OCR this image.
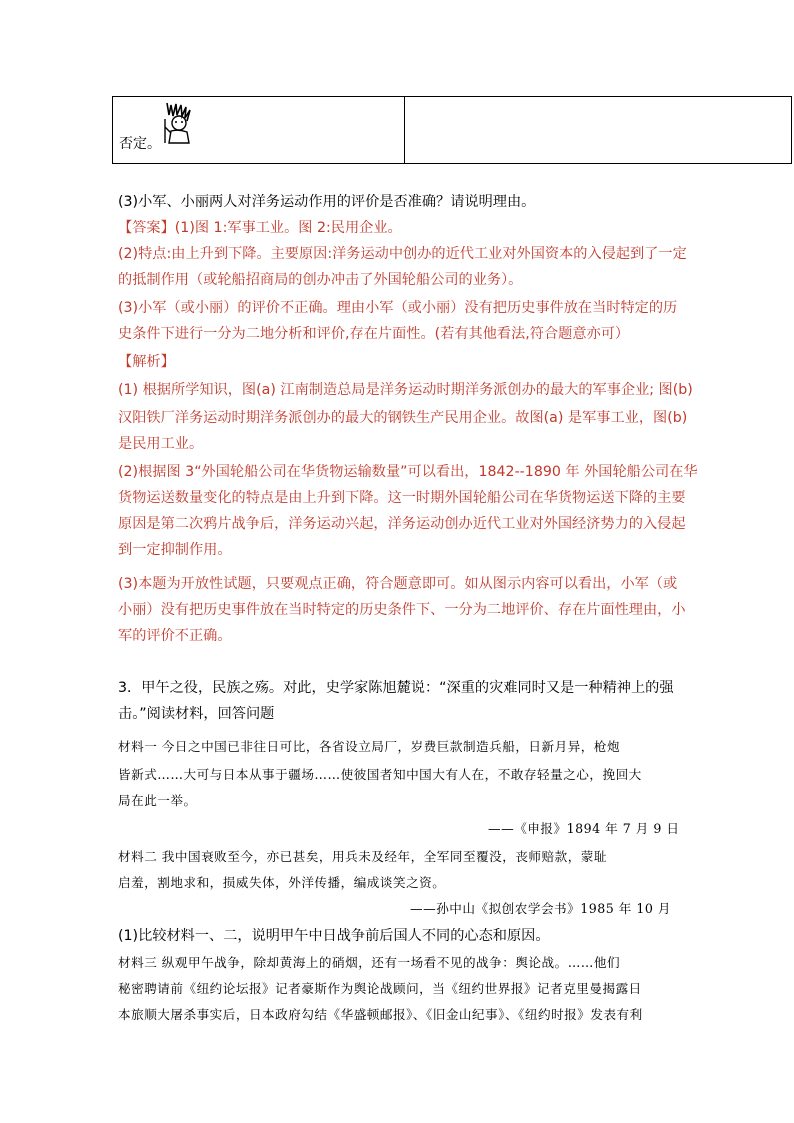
否定。
(3)小军、小丽两人对洋务运动作用的评价是否准确？请说明理由。
【答案】(1)图 1:军事工业。图 2:民用企业。
(2)特点:由上升到下降。主要原因:洋务运动中创办的近代工业对外国资本的入侵起到了一定
的抵制作用（或轮船招商局的创办冲击了外国轮船公司的业务）。
(3)小军（或小丽）的评价不正确。理由小军（或小丽）没有把历史事件放在当时特定的历
史条件下进行一分为二地分析和评价,存在片面性。(若有其他看法,符合题意亦可）
【解析】
(1) 根据所学知识，图(a) 江南制造总局是洋务运动时期洋务派创办的最大的军事企业; 图(b)
汉阳铁厂洋务运动时期洋务派创办的最大的钢铁生产民用企业。故图(a) 是军事工业，图(b)
是民用工业。
(2)根据图 3“外国轮船公司在华货物运输数量”可以看出，1842--1890 年 外国轮船公司在华
货物运送数量变化的特点是由上升到下降。这一时期外国轮船公司在华货物运送下降的主要
原因是第二次鸦片战争后，洋务运动兴起，洋务运动创办近代工业对外国经济势力的入侵起
到一定抑制作用。
(3)本题为开放性试题，只要观点正确，符合题意即可。如从图示内容可以看出，小军（或
小丽）没有把历史事件放在当时特定的历史条件下、一分为二地评价、存在片面性理由，小
军的评价不正确。
3．甲午之役，民族之殇。对此，史学家陈旭麓说：“深重的灾难同时又是一种精神上的强
击。”阅读材料，回答问题
材料一 今日之中国已非往日可比，各省设立局厂，岁费巨款制造兵船，日新月异，枪炮
皆新式……大可与日本从事于疆场……使彼国者知中国大有人在，不敢存轻量之心，挽回大
局在此一举。
——《申报》1894 年 7 月 9 日
材料二 我中国衰败至今，亦已甚矣，用兵未及经年，全军同至覆没，丧师赔款，蒙耻
启羞，割地求和，损威失体，外洋传播，编成谈笑之资。
——孙中山《拟创农学会书》1985 年 10 月
(1)比较材料一、二，说明甲午中日战争前后国人不同的心态和原因。
材料三 纵观甲午战争，除却黄海上的硝烟，还有一场看不见的战争：舆论战。……他们
秘密聘请前《纽约论坛报》记者豪斯作为舆论战顾问，当《纽约世界报》记者克里曼揭露日
本旅顺大屠杀事实后，日本政府勾结《华盛顿邮报》、《旧金山纪事》、《纽约时报》发表有利
